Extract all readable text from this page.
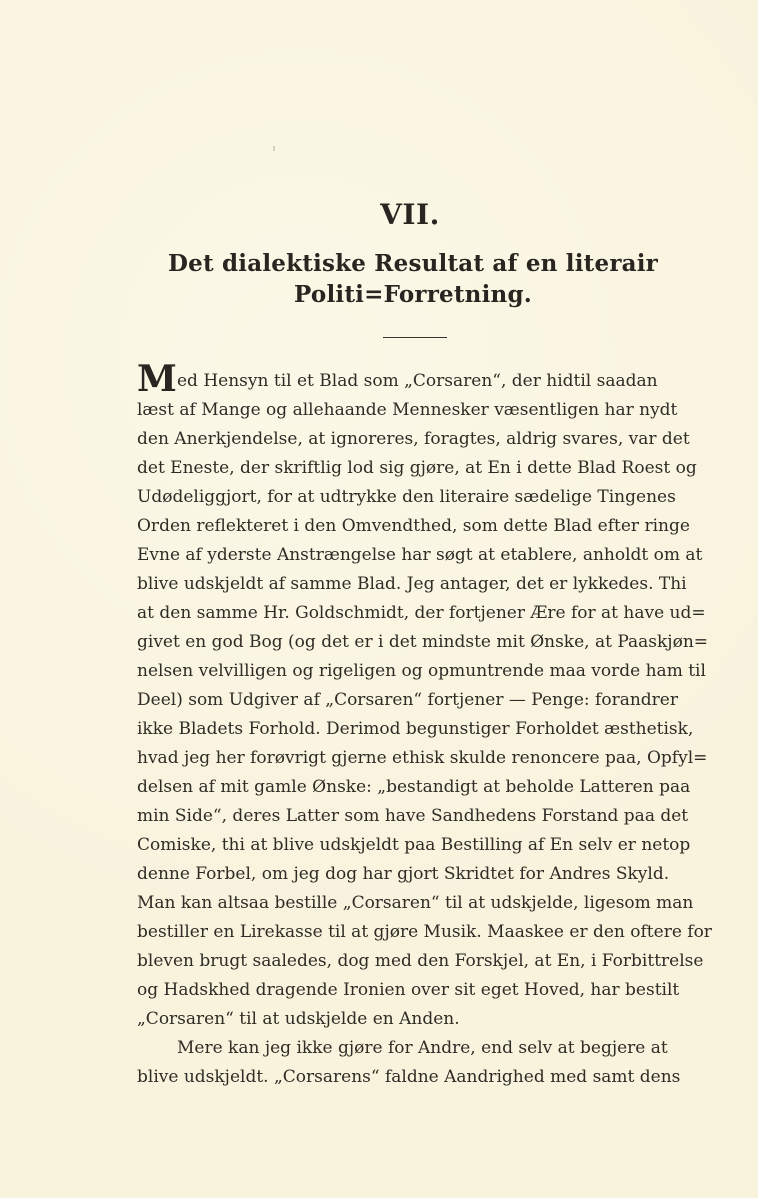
VII.
Det dialektiske Resultat af en literair
Politi=Forretning.
M ed Hensyn til et Blad som „Corsaren“, der hidtil saadan
læst af Mange og allehaande Mennesker væsentligen har nydt
den Anerkjendelse, at ignoreres, foragtes, aldrig svares, var det
det Eneste, der skriftlig lod sig gjøre, at En i dette Blad Roest og
Udødeliggjort, for at udtrykke den literaire sædelige Tingenes
Orden reflekteret i den Omvendthed, som dette Blad efter ringe
Evne af yderste Anstrængelse har søgt at etablere, anholdt om at
blive udskjeldt af samme Blad. Jeg antager, det er lykkedes. Thi
at den samme Hr. Goldschmidt, der fortjener Ære for at have ud=
givet en god Bog (og det er i det mindste mit Ønske, at Paaskjøn=
nelsen velvilligen og rigeligen og opmuntrende maa vorde ham til
Deel) som Udgiver af „Corsaren“ fortjener — Penge: forandrer
ikke Bladets Forhold. Derimod begunstiger Forholdet æsthetisk,
hvad jeg her forøvrigt gjerne ethisk skulde renoncere paa, Opfyl=
delsen af mit gamle Ønske: „bestandigt at beholde Latteren paa
min Side“, deres Latter som have Sandhedens Forstand paa det
Comiske, thi at blive udskjeldt paa Bestilling af En selv er netop
denne Forbel, om jeg dog har gjort Skridtet for Andres Skyld.
Man kan altsaa bestille „Corsaren“ til at udskjelde, ligesom man
bestiller en Lirekasse til at gjøre Musik. Maaskee er den oftere for
bleven brugt saaledes, dog med den Forskjel, at En, i Forbittrelse
og Hadskhed dragende Ironien over sit eget Hoved, har bestilt
„Corsaren“ til at udskjelde en Anden.
Mere kan jeg ikke gjøre for Andre, end selv at begjere at
blive udskjeldt. „Corsarens“ faldne Aandrighed med samt dens
